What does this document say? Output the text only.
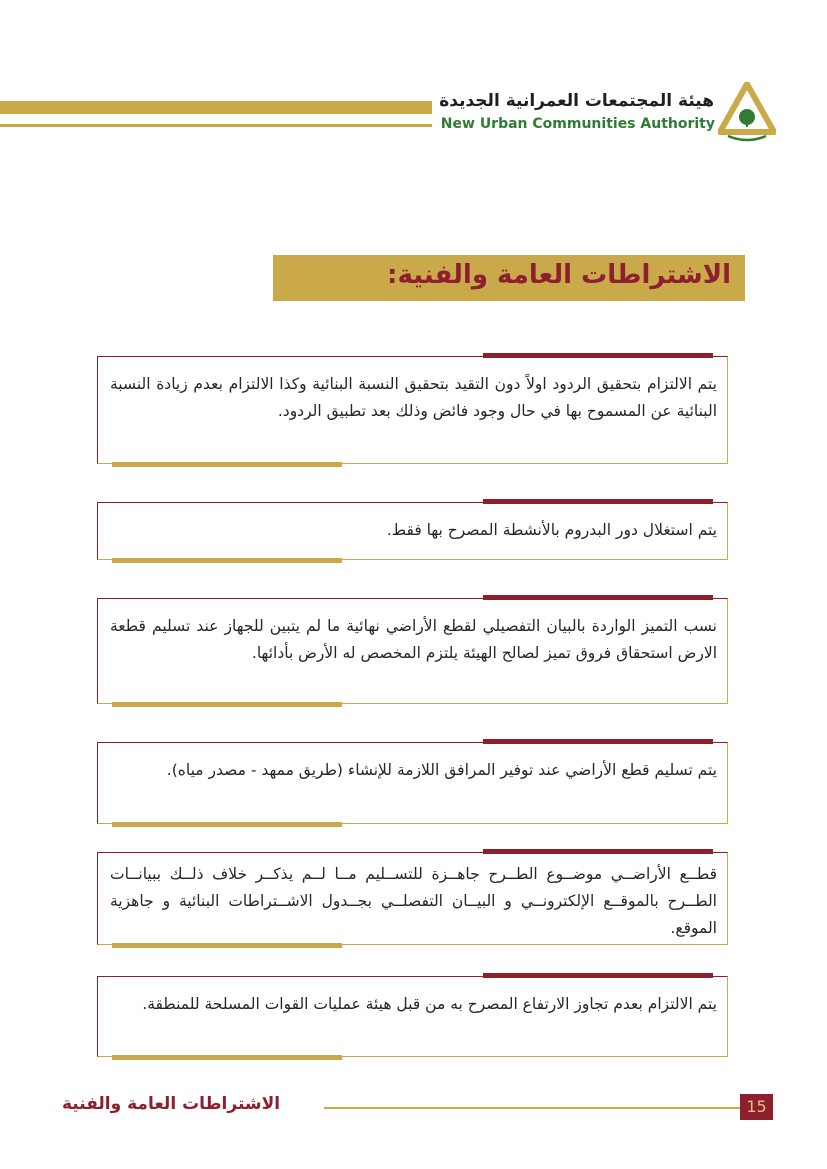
هيئة المجتمعات العمرانية الجديدة
New Urban Communities Authority
الاشتراطات العامة والفنية:
يتم الالتزام بتحقيق الردود اولاً دون التقيد بتحقيق النسبة البنائية وكذا الالتزام بعدم زيادة النسبة البنائية عن المسموح بها في حال وجود فائض وذلك بعد تطبيق الردود.
يتم استغلال دور البدروم بالأنشطة المصرح بها فقط.
نسب التميز الواردة بالبيان التفصيلي لقطع الأراضي نهائية ما لم يتبين للجهاز عند تسليم قطعة الارض استحقاق فروق تميز لصالح الهيئة يلتزم المخصص له الأرض بأدائها.
يتم تسليم قطع الأراضي عند توفير المرافق اللازمة للإنشاء (طريق ممهد - مصدر مياه).
قطــع الأراضــي موضــوع الطــرح جاهــزة للتســليم مــا لــم يذكــر خلاف ذلــك ببيانــات الطــرح بالموقــع الإلكترونــي و البيــان التفصلــي بجــدول الاشــتراطات البنائية و جاهزية الموقع.
يتم الالتزام بعدم تجاوز الارتفاع المصرح به من قبل هيئة عمليات القوات المسلحة للمنطقة.
الاشتراطات العامة والفنية	15
